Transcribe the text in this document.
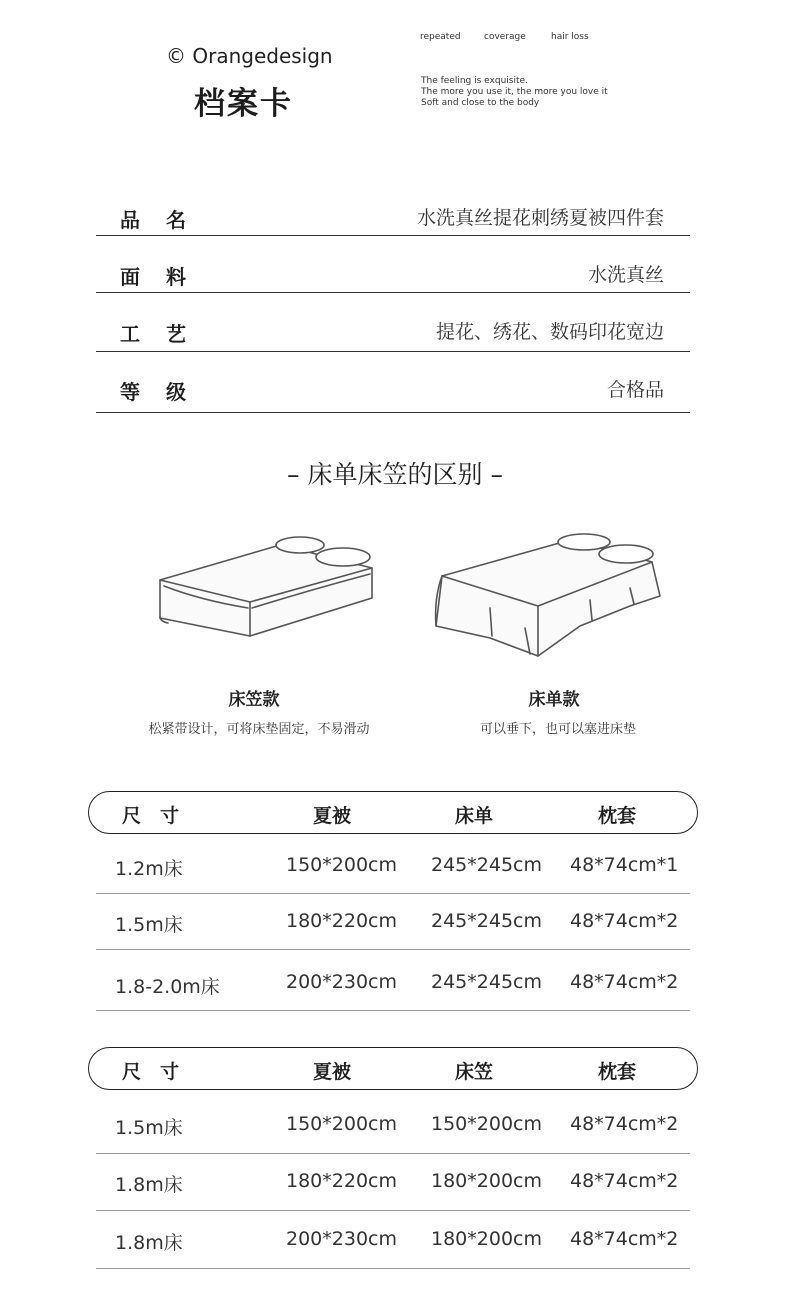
© Orangedesign
档案卡
repeated	coverage	hair loss
The feeling is exquisite.
The more you use it, the more you love it
Soft and close to the body
品 名	水洗真丝提花刺绣夏被四件套
面 料	水洗真丝
工 艺	提花、绣花、数码印花宽边
等 级	合格品
– 床单床笠的区别 –
床笠款
松紧带设计，可将床垫固定，不易滑动
床单款
可以垂下，也可以塞进床垫
尺　寸	夏被	床单	枕套
1.2m床	150*200cm 245*245cm 48*74cm*1
1.5m床	180*220cm 245*245cm 48*74cm*2
1.8-2.0m床	200*230cm 245*245cm 48*74cm*2
尺　寸	夏被	床笠	枕套
1.5m床	150*200cm 150*200cm 48*74cm*2
1.8m床	180*220cm 180*200cm 48*74cm*2
1.8m床	200*230cm 180*200cm 48*74cm*2
